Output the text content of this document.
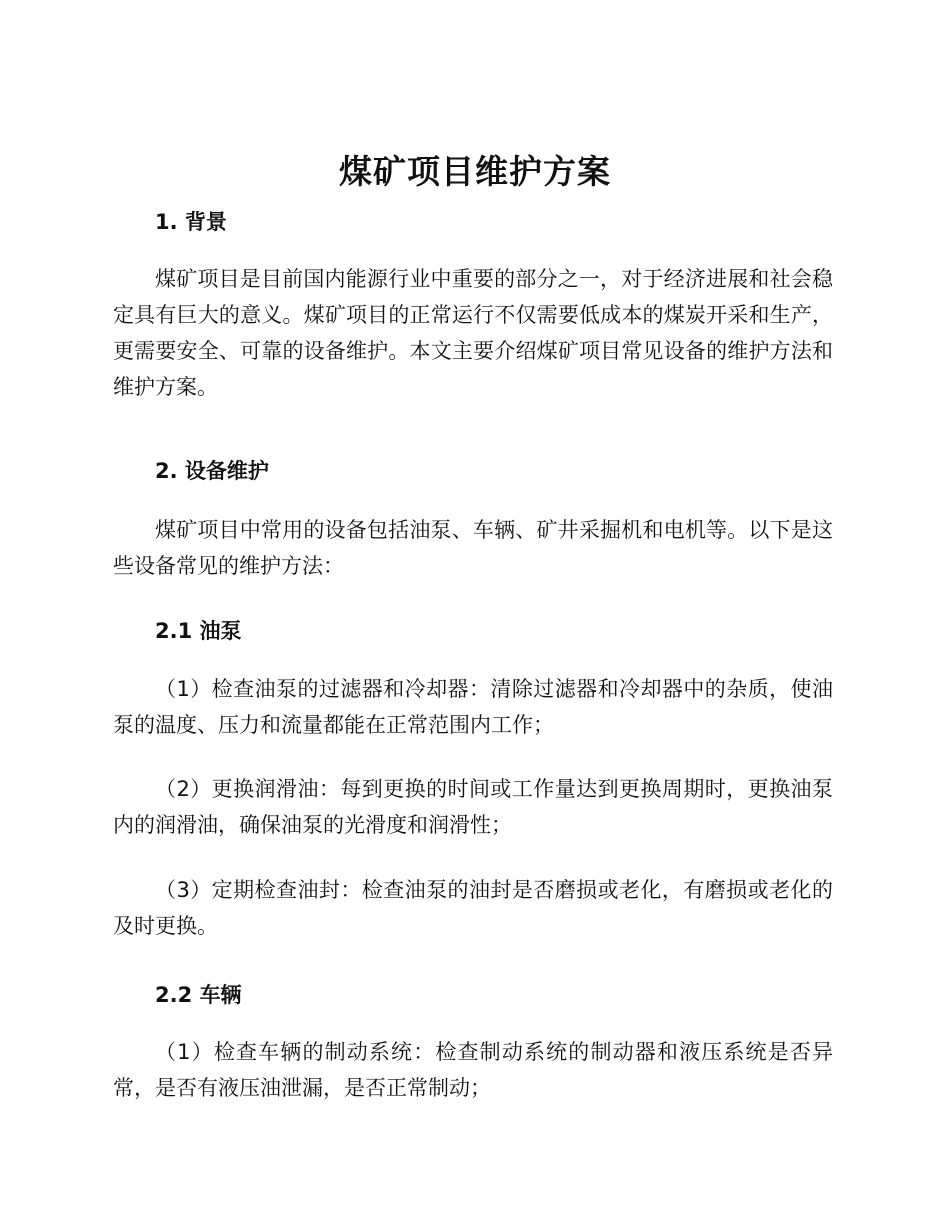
煤矿项目维护方案
1. 背景
煤矿项目是目前国内能源行业中重要的部分之一，对于经济进展和社会稳定具有巨大的意义。煤矿项目的正常运行不仅需要低成本的煤炭开采和生产，更需要安全、可靠的设备维护。本文主要介绍煤矿项目常见设备的维护方法和维护方案。
2. 设备维护
煤矿项目中常用的设备包括油泵、车辆、矿井采掘机和电机等。以下是这些设备常见的维护方法：
2.1 油泵
（1）检查油泵的过滤器和冷却器：清除过滤器和冷却器中的杂质，使油泵的温度、压力和流量都能在正常范围内工作；
（2）更换润滑油：每到更换的时间或工作量达到更换周期时，更换油泵内的润滑油，确保油泵的光滑度和润滑性；
（3）定期检查油封：检查油泵的油封是否磨损或老化，有磨损或老化的及时更换。
2.2 车辆
（1）检查车辆的制动系统：检查制动系统的制动器和液压系统是否异常，是否有液压油泄漏，是否正常制动；
